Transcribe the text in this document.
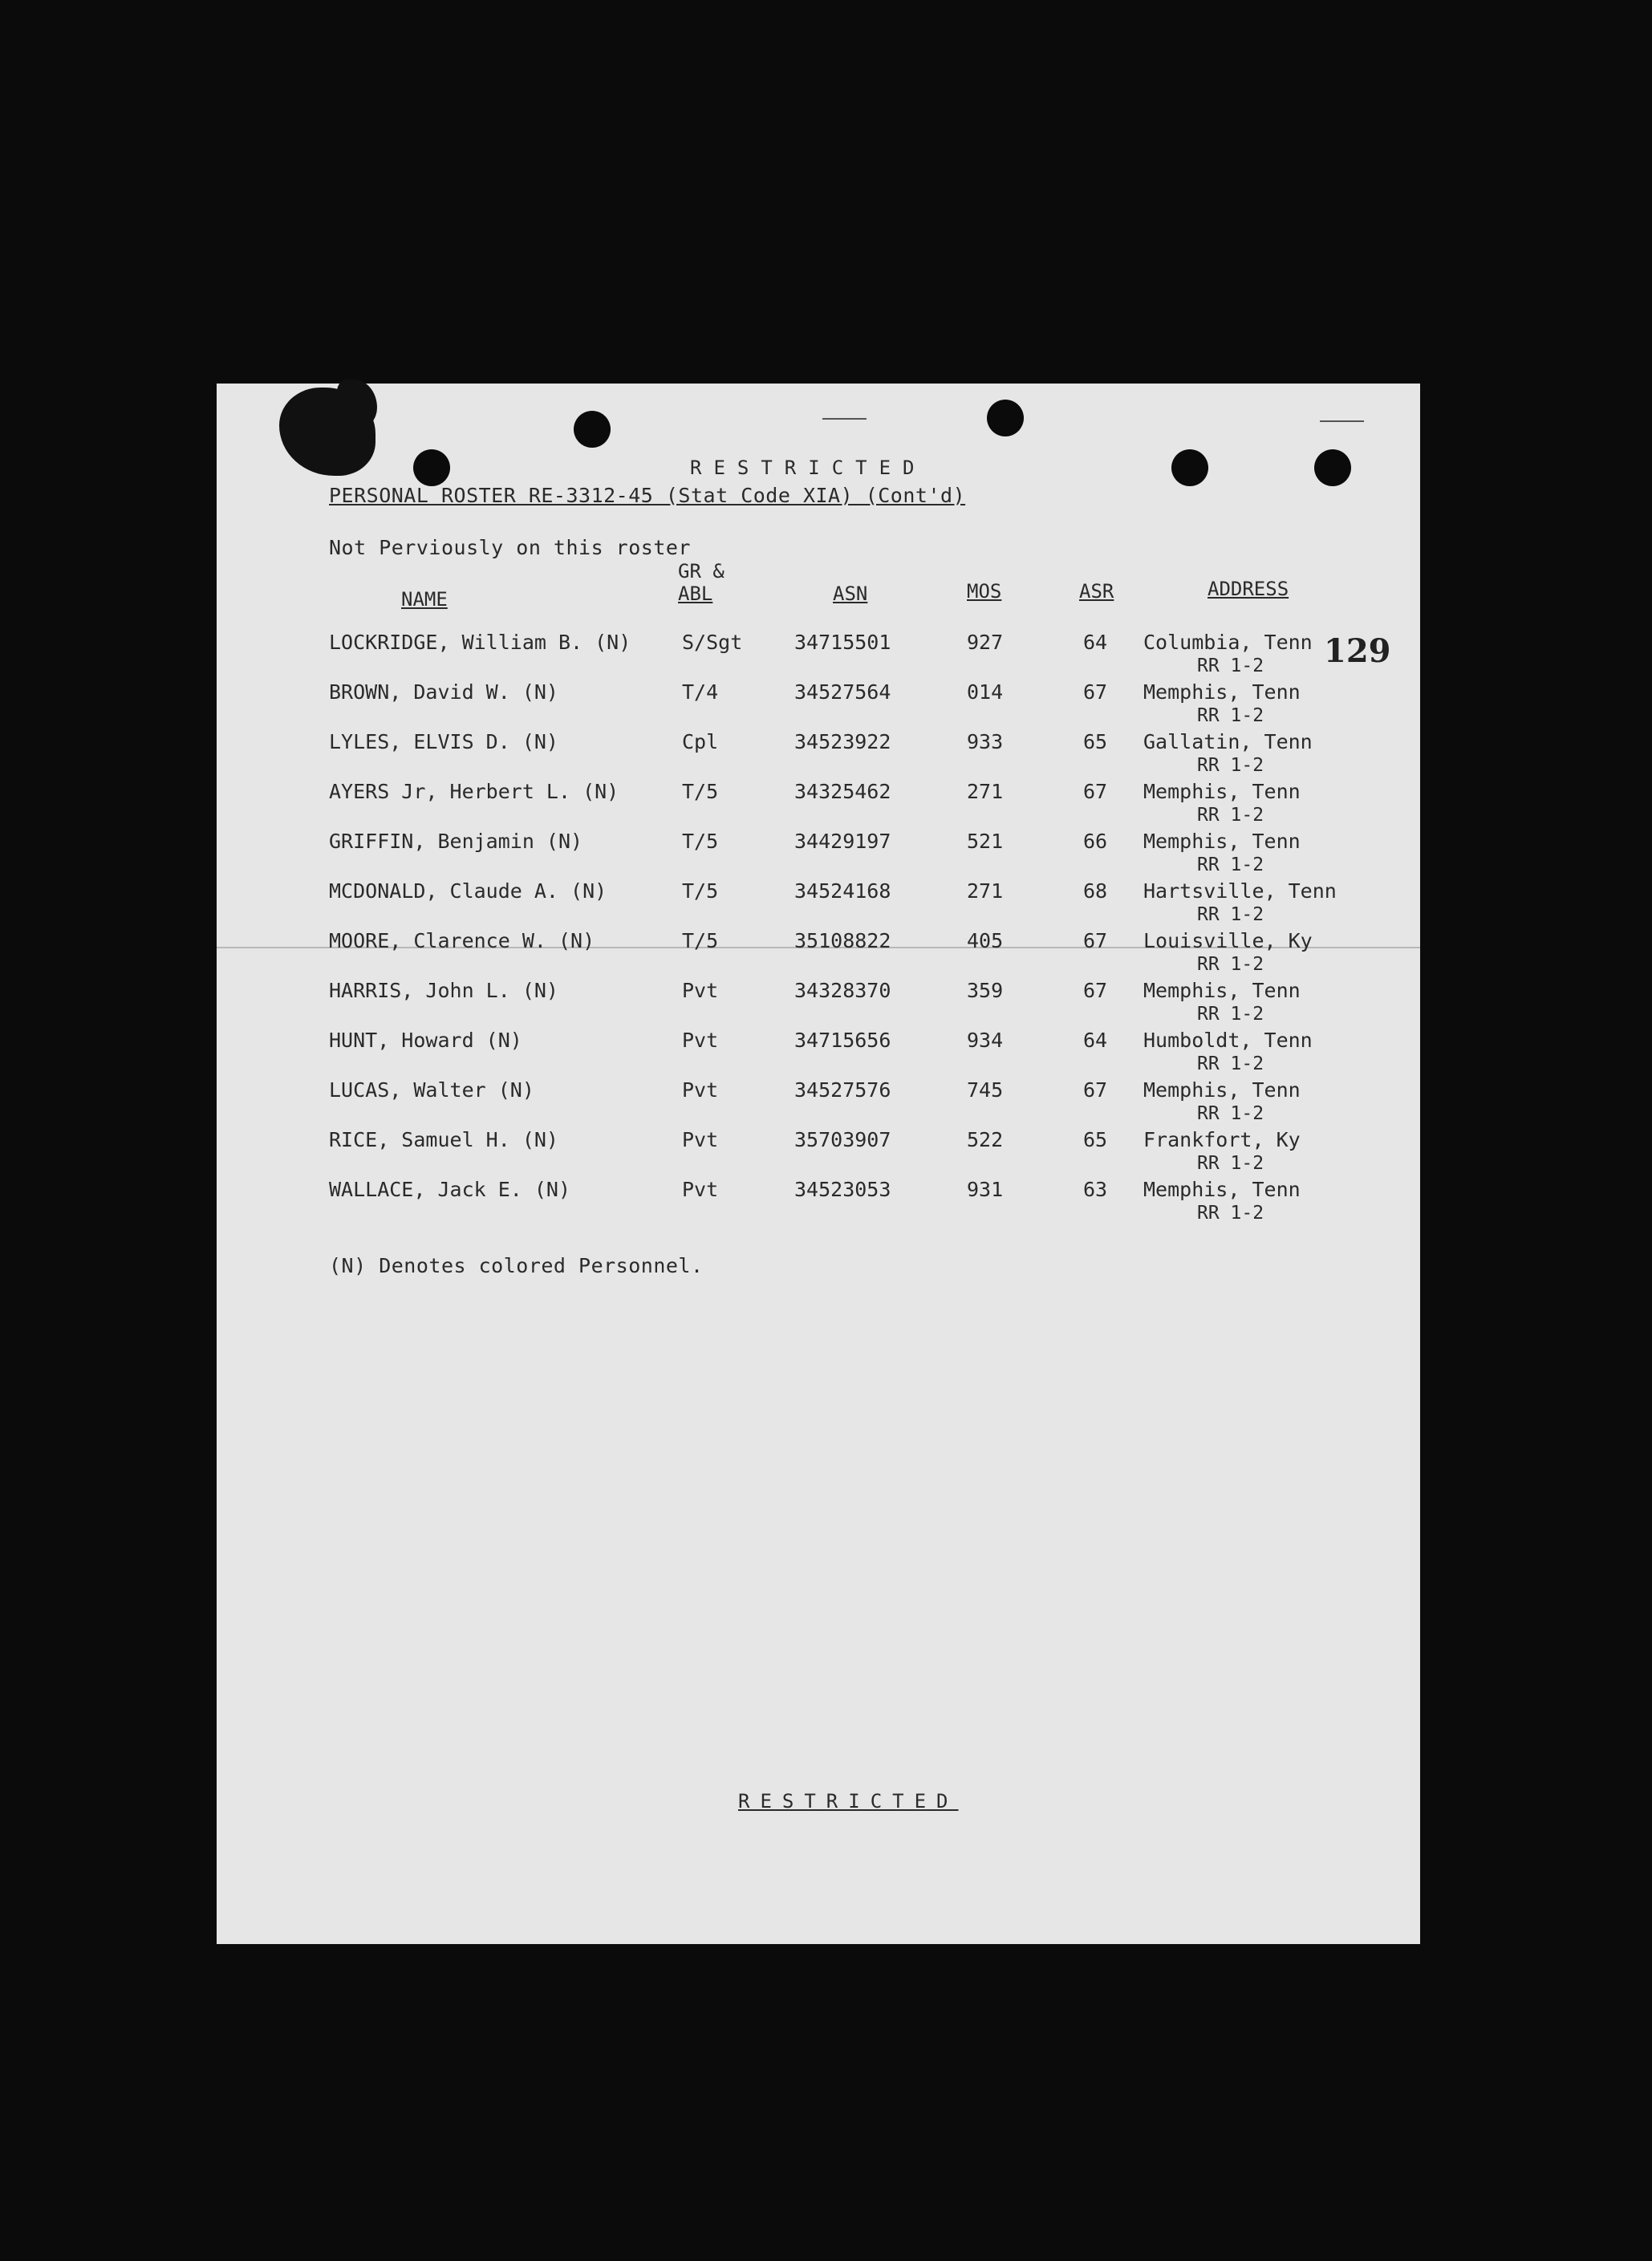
RESTRICTED
PERSONAL ROSTER RE-3312-45 (Stat Code XIA) (Cont'd)
Not Perviously on this roster
129
NAME
GR &
ABL	ASN	MOS	ASR	ADDRESS
LOCKRIDGE, William B. (N)	S/Sgt	34715501	927	64 Columbia, Tenn
RR 1-2
BROWN, David W. (N)	T/4	34527564	014	67 Memphis, Tenn
RR 1-2
LYLES, ELVIS D. (N)	Cpl	34523922	933	65 Gallatin, Tenn
RR 1-2
AYERS Jr, Herbert L. (N)	T/5	34325462	271	67 Memphis, Tenn
RR 1-2
GRIFFIN, Benjamin (N)	T/5	34429197	521	66 Memphis, Tenn
RR 1-2
MCDONALD, Claude A. (N)	T/5	34524168	271	68 Hartsville, Tenn
RR 1-2
MOORE, Clarence W. (N)	T/5	35108822	405	67 Louisville, Ky
RR 1-2
HARRIS, John L. (N)	Pvt	34328370	359	67 Memphis, Tenn
RR 1-2
HUNT, Howard (N)	Pvt	34715656	934	64 Humboldt, Tenn
RR 1-2
LUCAS, Walter (N)	Pvt	34527576	745	67 Memphis, Tenn
RR 1-2
RICE, Samuel H. (N)	Pvt	35703907	522	65 Frankfort, Ky
RR 1-2
WALLACE, Jack E. (N)	Pvt	34523053	931	63 Memphis, Tenn
RR 1-2
(N) Denotes colored Personnel.
RESTRICTED
